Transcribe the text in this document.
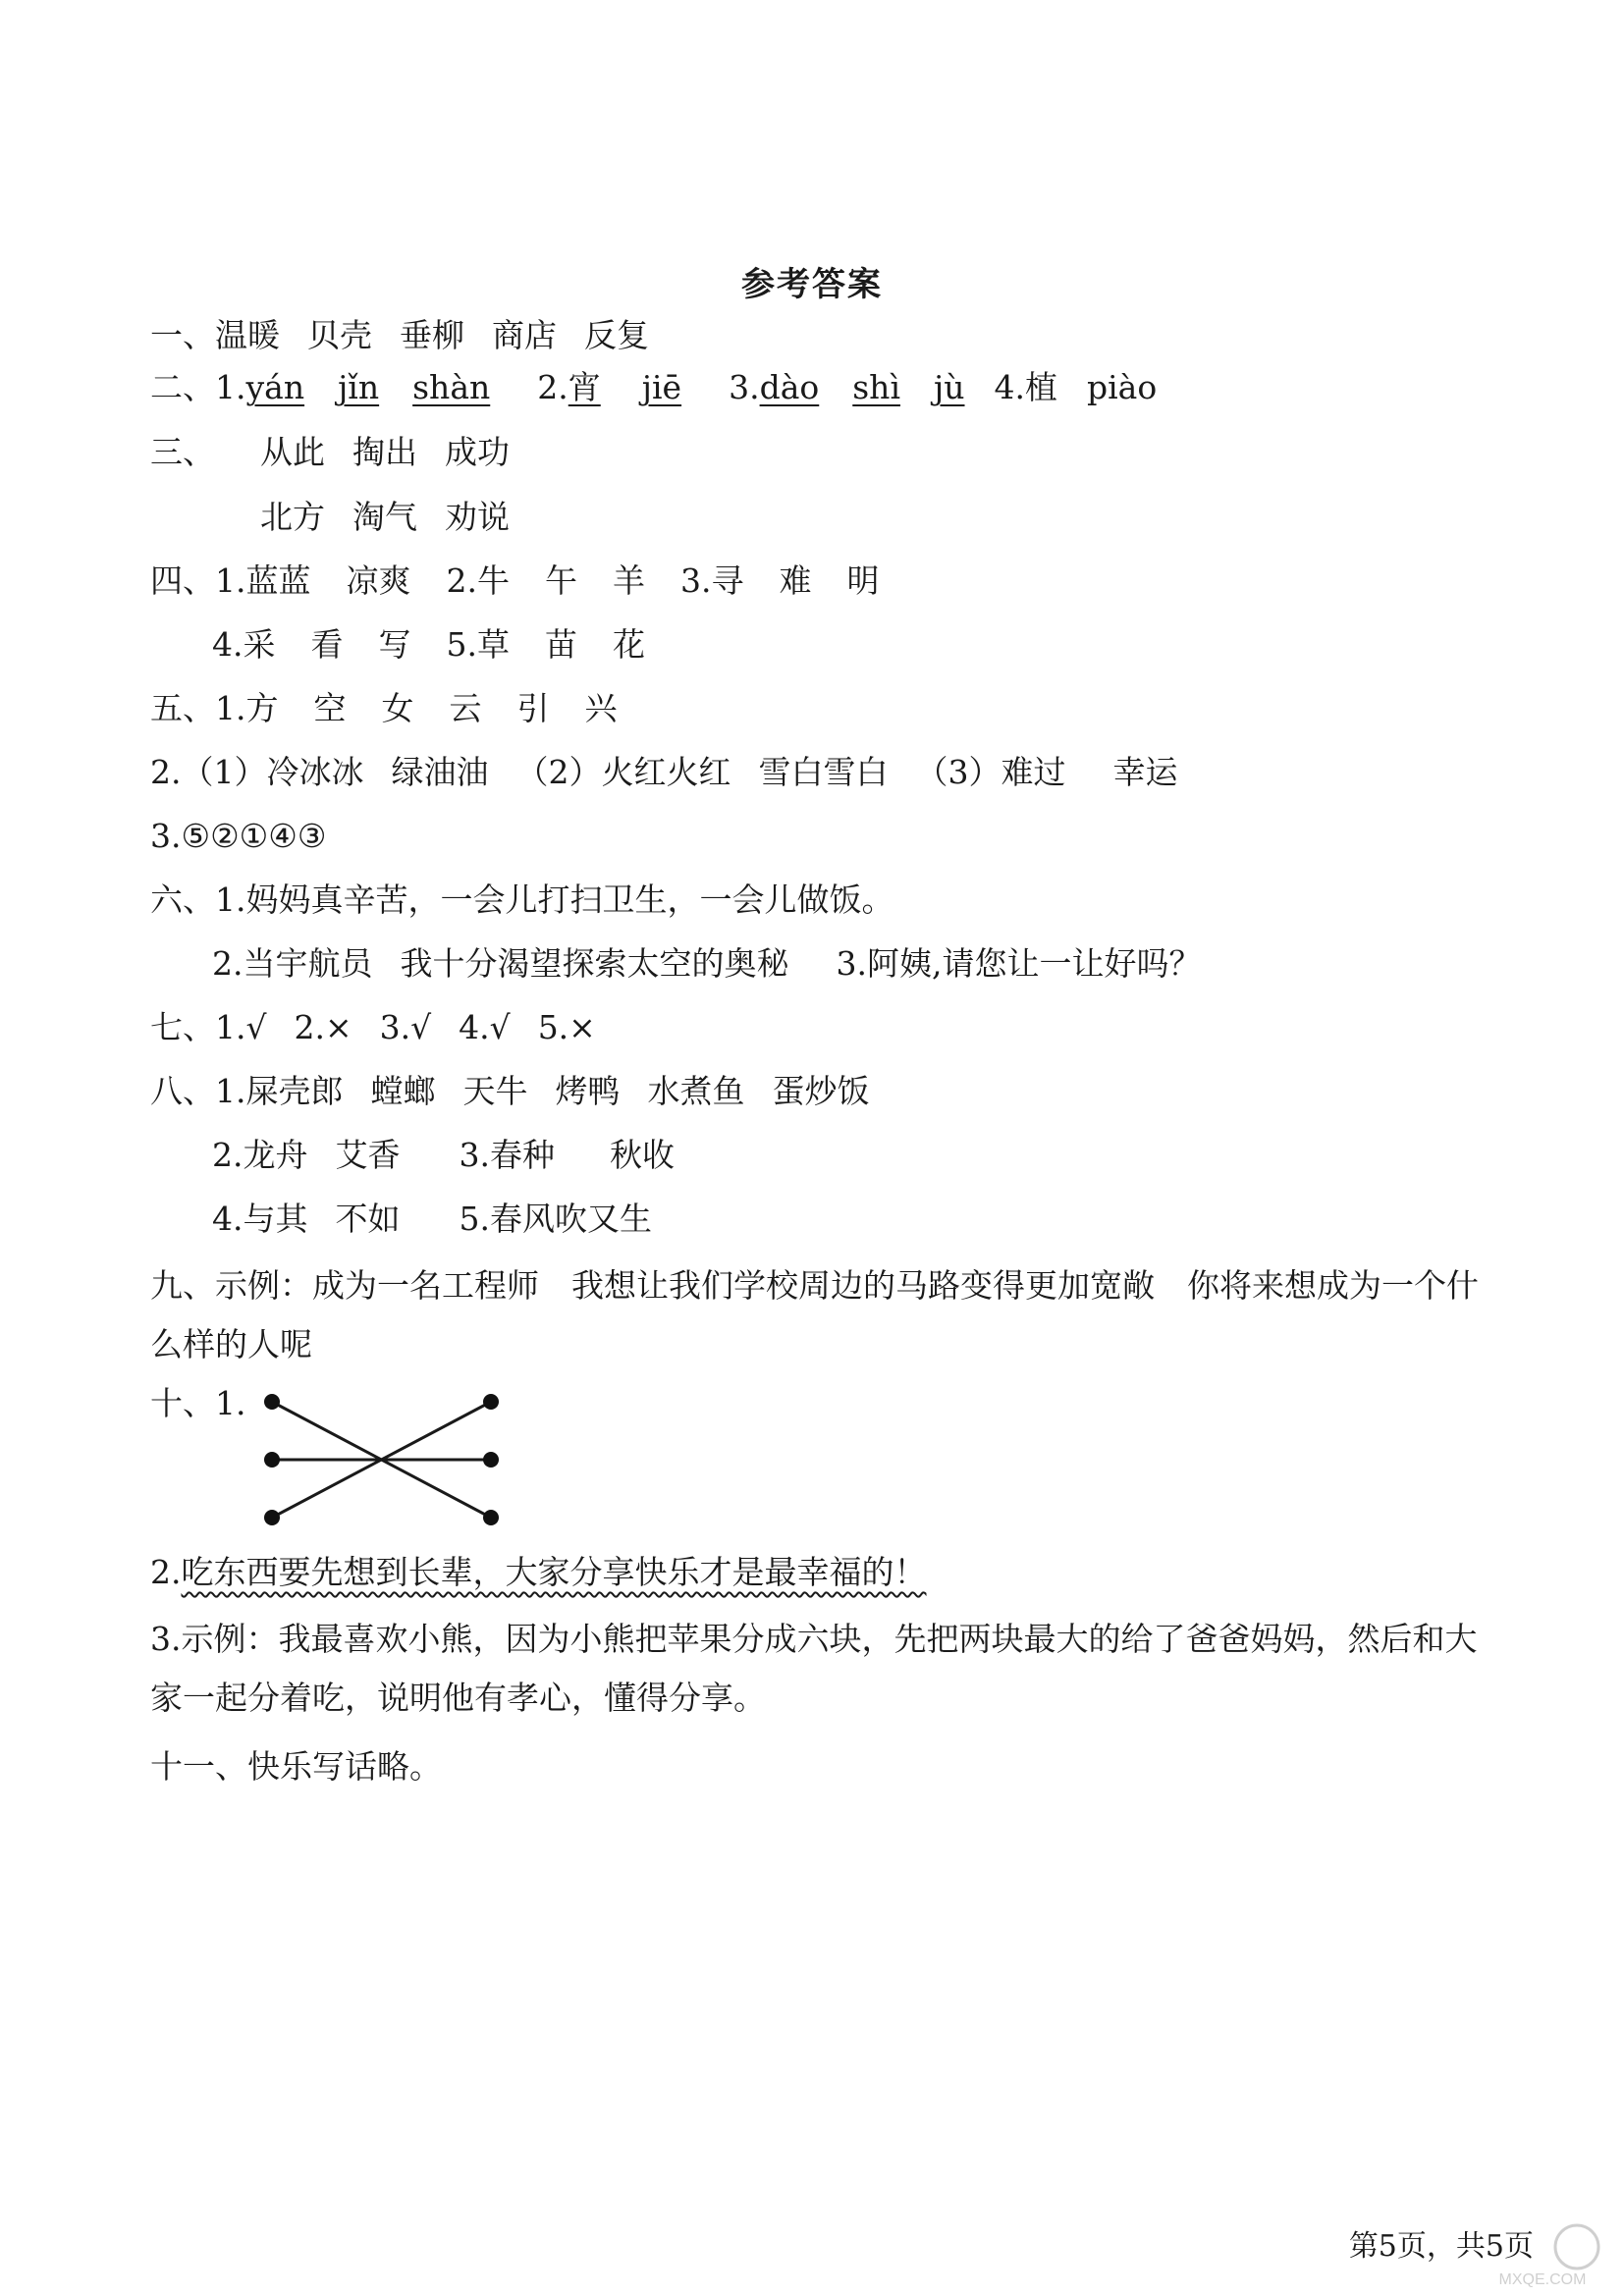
参考答案
一、温暖 贝壳 垂柳 商店 反复
二、1.yán jǐn shàn 2.宵 jiē 3.dào shì jù 4.植 piào
三、 从此 掏出 成功
北方 淘气 劝说
四、1.蓝蓝 凉爽 2.牛 午 羊 3.寻 难 明
4.采 看 写 5.草 苗 花
五、1.方 空 女 云 引 兴
2.（1）冷冰冰 绿油油 （2）火红火红 雪白雪白 （3）难过 幸运
3.⑤②①④③
六、1.妈妈真辛苦，一会儿打扫卫生，一会儿做饭。
2.当宇航员 我十分渴望探索太空的奥秘 3.阿姨,请您让一让好吗？
七、1.√ 2.× 3.√ 4.√ 5.×
八、1.屎壳郎 螳螂 天牛 烤鸭 水煮鱼 蛋炒饭
2.龙舟 艾香 3.春种 秋收
4.与其 不如 5.春风吹又生
九、示例：成为一名工程师　我想让我们学校周边的马路变得更加宽敞　你将来想成为一个什么样的人呢
十、1.
2.吃东西要先想到长辈，大家分享快乐才是最幸福的！
3.示例：我最喜欢小熊，因为小熊把苹果分成六块，先把两块最大的给了爸爸妈妈，然后和大家一起分着吃，说明他有孝心，懂得分享。
十一、快乐写话略。
第5页，共5页
MXQE.COM
